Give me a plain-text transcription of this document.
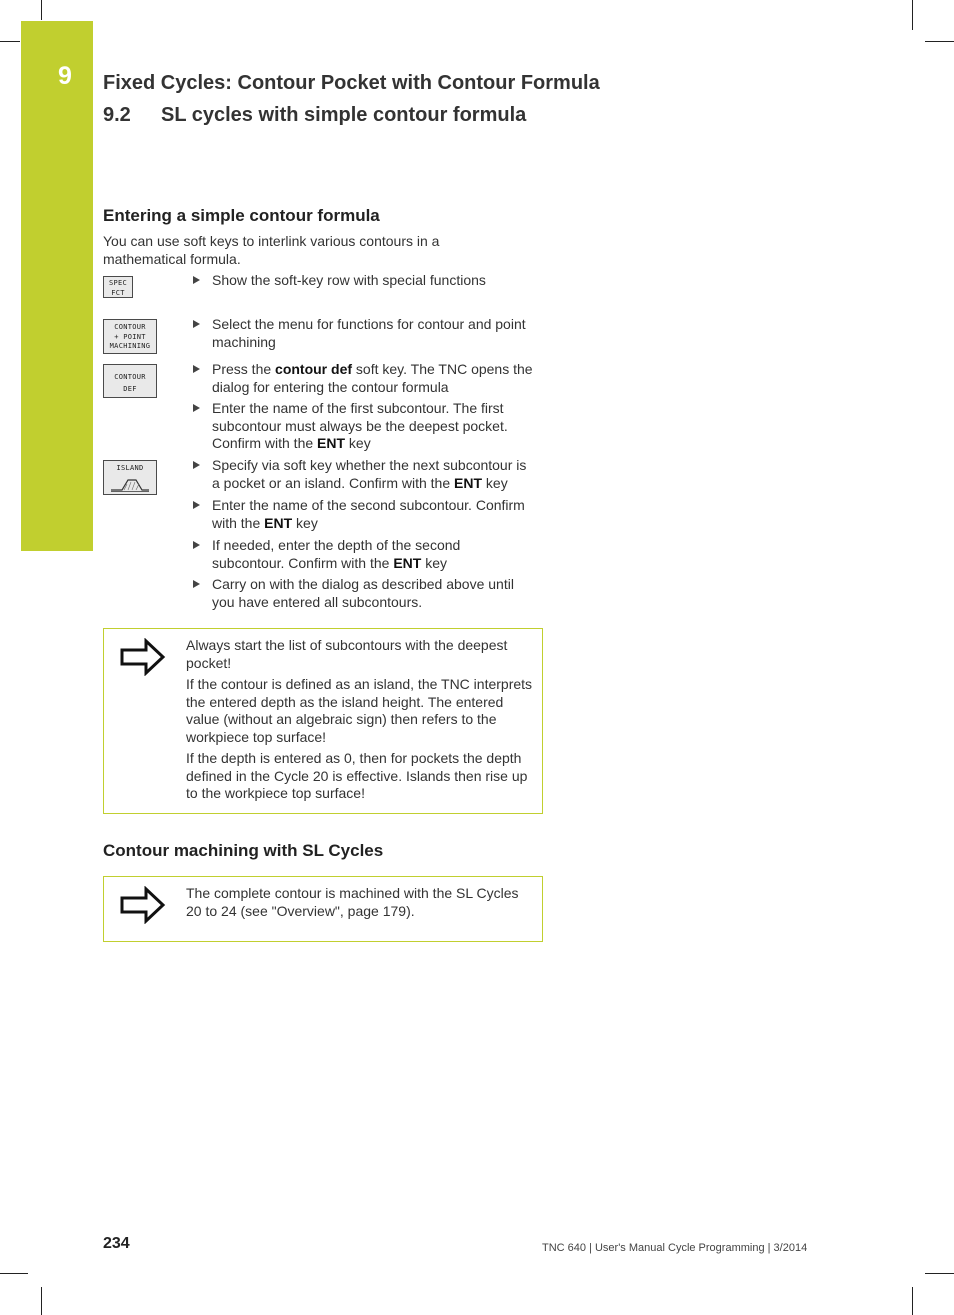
9 Fixed Cycles: Contour Pocket with Contour Formula
9.2 SL cycles with simple contour formula
Entering a simple contour formula
You can use soft keys to interlink various contours in a mathematical formula.
SPEC
FCT
CONTOUR
+ POINT
MACHINING
CONTOUR
DEF
ISLAND
Show the soft-key row with special functions
Select the menu for functions for contour and point machining
Press the contour def soft key. The TNC opens the dialog for entering the contour formula
Enter the name of the first subcontour. The first subcontour must always be the deepest pocket. Confirm with the ENT key
Specify via soft key whether the next subcontour is a pocket or an island. Confirm with the ENT key
Enter the name of the second subcontour. Confirm with the ENT key
If needed, enter the depth of the second subcontour. Confirm with the ENT key
Carry on with the dialog as described above until you have entered all subcontours.

Always start the list of subcontours with the deepest pocket!

If the contour is defined as an island, the TNC interprets the entered depth as the island height. The entered value (without an algebraic sign) then refers to the workpiece top surface!

If the depth is entered as 0, then for pockets the depth defined in the Cycle 20 is effective. Islands then rise up to the workpiece top surface!

Contour machining with SL Cycles

The complete contour is machined with the SL Cycles 20 to 24 (see "Overview", page 179).

234	TNC 640 | User's Manual Cycle Programming | 3/2014
